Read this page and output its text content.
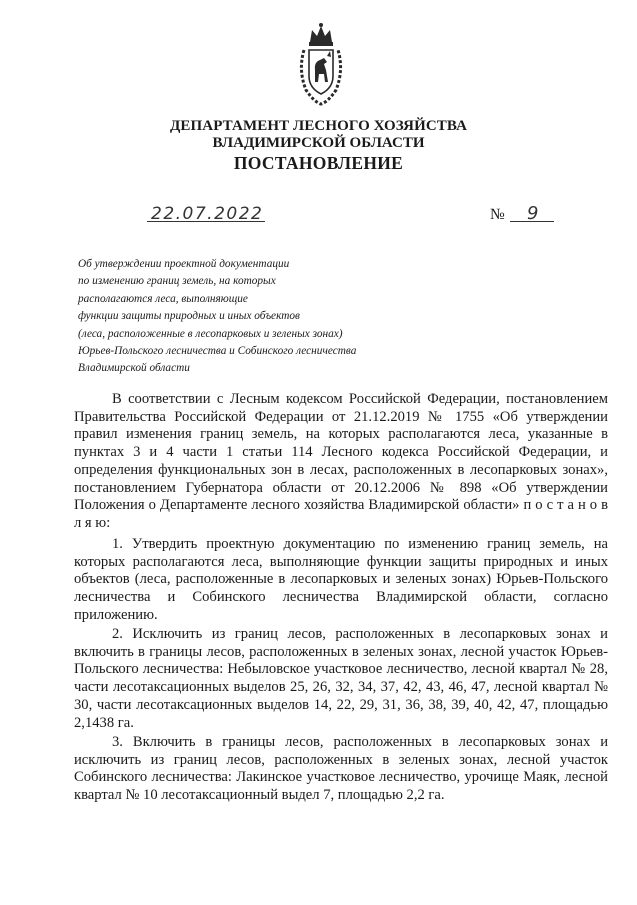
ДЕПАРТАМЕНТ ЛЕСНОГО ХОЗЯЙСТВА
ВЛАДИМИРСКОЙ ОБЛАСТИ
ПОСТАНОВЛЕНИЕ
22.07.2022	№ 9
Об утверждении проектной документации
по изменению границ земель, на которых
располагаются леса, выполняющие
функции защиты природных и иных объектов
(леса, расположенные в лесопарковых и зеленых зонах)
Юрьев-Польского лесничества и Собинского лесничества
Владимирской области

В соответствии с Лесным кодексом Российской Федерации, постановлением Правительства Российской Федерации от 21.12.2019 № 1755 «Об утверждении правил изменения границ земель, на которых располагаются леса, указанные в пунктах 3 и 4 части 1 статьи 114 Лесного кодекса Российской Федерации, и определения функциональных зон в лесах, расположенных в лесопарковых зонах», постановлением Губернатора области от 20.12.2006 № 898 «Об утверждении Положения о Департаменте лесного хозяйства Владимирской области» п о с т а н о в л я ю:

1. Утвердить проектную документацию по изменению границ земель, на которых располагаются леса, выполняющие функции защиты природных и иных объектов (леса, расположенные в лесопарковых и зеленых зонах) Юрьев-Польского лесничества и Собинского лесничества Владимирской области, согласно приложению.

2. Исключить из границ лесов, расположенных в лесопарковых зонах и включить в границы лесов, расположенных в зеленых зонах, лесной участок Юрьев-Польского лесничества: Небыловское участковое лесничество, лесной квартал № 28, части лесотаксационных выделов 25, 26, 32, 34, 37, 42, 43, 46, 47, лесной квартал № 30, части лесотаксационных выделов 14, 22, 29, 31, 36, 38, 39, 40, 42, 47, площадью 2,1438 га.

3. Включить в границы лесов, расположенных в лесопарковых зонах и исключить из границ лесов, расположенных в зеленых зонах, лесной участок Собинского лесничества: Лакинское участковое лесничество, урочище Маяк, лесной квартал № 10 лесотаксационный выдел 7, площадью 2,2 га.
